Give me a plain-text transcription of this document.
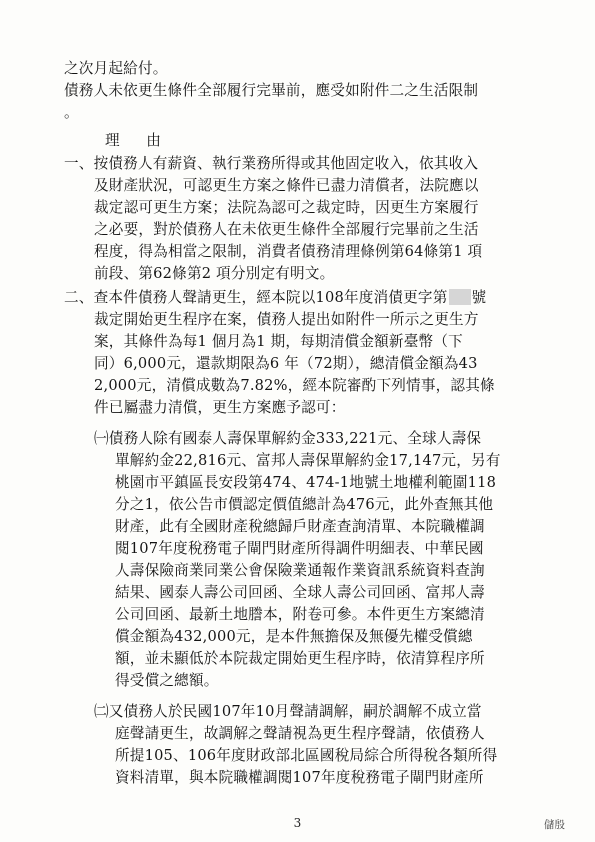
之次月起給付。
債務人未依更生條件全部履行完畢前，應受如附件二之生活限制
。
理　由
一、按債務人有薪資、執行業務所得或其他固定收入，依其收入
及財產狀況，可認更生方案之條件已盡力清償者，法院應以
裁定認可更生方案；法院為認可之裁定時，因更生方案履行
之必要，對於債務人在未依更生條件全部履行完畢前之生活
程度，得為相當之限制，消費者債務清理條例第64條第1 項
前段、第62條第2 項分別定有明文。
二、查本件債務人聲請更生，經本院以108年度消債更字第 號
裁定開始更生程序在案，債務人提出如附件一所示之更生方
案，其條件為每1 個月為1 期，每期清償金額新臺幣（下
同）6,000元，還款期限為6 年（72期），總清償金額為43
2,000元，清償成數為7.82%，經本院審酌下列情事，認其條
件已屬盡力清償，更生方案應予認可：
㈠債務人除有國泰人壽保單解約金333,221元、全球人壽保
單解約金22,816元、富邦人壽保單解約金17,147元，另有
桃園市平鎮區長安段第474、474-1地號土地權利範圍118
分之1，依公告市價認定價值總計為476元，此外查無其他
財產，此有全國財產稅總歸戶財產查詢清單、本院職權調
閱107年度稅務電子閘門財產所得調件明細表、中華民國
人壽保險商業同業公會保險業通報作業資訊系統資料查詢
結果、國泰人壽公司回函、全球人壽公司回函、富邦人壽
公司回函、最新土地謄本，附卷可參。本件更生方案總清
償金額為432,000元，是本件無擔保及無優先權受償總
額，並未顯低於本院裁定開始更生程序時，依清算程序所
得受償之總額。
㈡又債務人於民國107年10月聲請調解，嗣於調解不成立當
庭聲請更生，故調解之聲請視為更生程序聲請，依債務人
所提105、106年度財政部北區國稅局綜合所得稅各類所得
資料清單，與本院職權調閱107年度稅務電子閘門財產所
3	儲殷
